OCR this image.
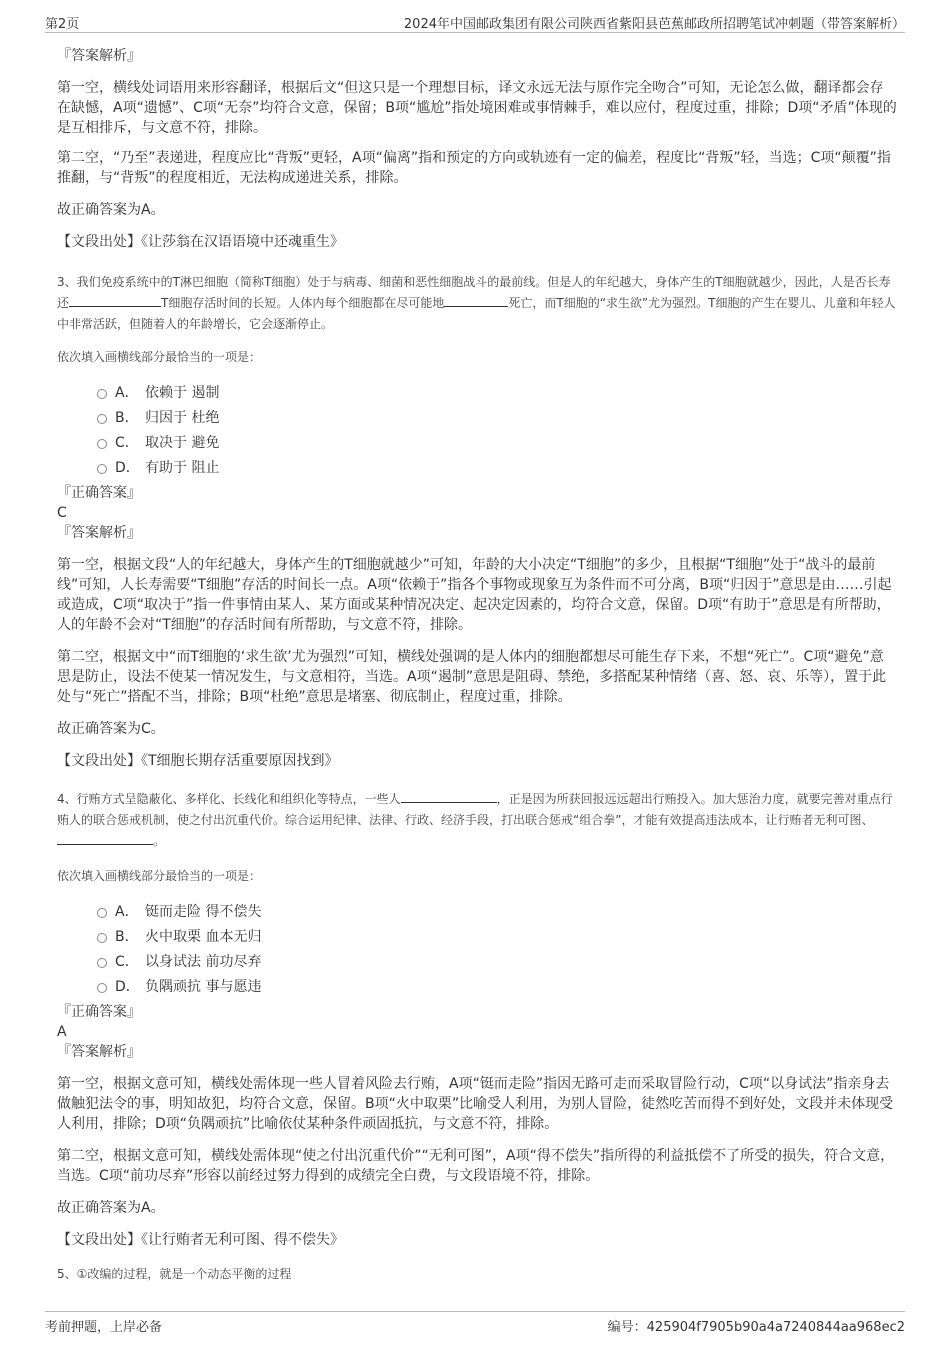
第2页	2024年中国邮政集团有限公司陕西省紫阳县芭蕉邮政所招聘笔试冲刺题（带答案解析）

『答案解析』

第一空，横线处词语用来形容翻译，根据后文“但这只是一个理想目标，译文永远无法与原作完全吻合”可知，无论怎么做，翻译都会存在缺憾，A项“遗憾”、C项“无奈”均符合文意，保留；B项“尴尬”指处境困难或事情棘手，难以应付，程度过重，排除；D项“矛盾”体现的是互相排斥，与文意不符，排除。

第二空，“乃至”表递进，程度应比“背叛”更轻，A项“偏离”指和预定的方向或轨迹有一定的偏差，程度比“背叛”轻，当选；C项“颠覆”指推翻，与“背叛”的程度相近，无法构成递进关系，排除。

故正确答案为A。

【文段出处】《让莎翁在汉语语境中还魂重生》

3、我们免疫系统中的T淋巴细胞（简称T细胞）处于与病毒、细菌和恶性细胞战斗的最前线。但是人的年纪越大，身体产生的T细胞就越少，因此，人是否长寿还	T细胞存活时间的长短。人体内每个细胞都在尽可能地	死亡，而T细胞的“求生欲”尤为强烈。T细胞的产生在婴儿、儿童和年轻人中非常活跃，但随着人的年龄增长，它会逐渐停止。

依次填入画横线部分最恰当的一项是：

A． 依赖于 遏制
B． 归因于 杜绝
C． 取决于 避免
D． 有助于 阻止

『正确答案』

C

『答案解析』

第一空，根据文段“人的年纪越大，身体产生的T细胞就越少”可知，年龄的大小决定“T细胞”的多少，且根据“T细胞”处于“战斗的最前线”可知，人长寿需要“T细胞”存活的时间长一点。A项“依赖于”指各个事物或现象互为条件而不可分离，B项“归因于”意思是由……引起或造成，C项“取决于”指一件事情由某人、某方面或某种情况决定、起决定因素的，均符合文意，保留。D项“有助于”意思是有所帮助，人的年龄不会对“T细胞”的存活时间有所帮助，与文意不符，排除。

第二空，根据文中“而T细胞的‘求生欲’尤为强烈”可知，横线处强调的是人体内的细胞都想尽可能生存下来，不想“死亡”。C项“避免”意思是防止，设法不使某一情况发生，与文意相符，当选。A项“遏制”意思是阻碍、禁绝，多搭配某种情绪（喜、怒、哀、乐等），置于此处与“死亡”搭配不当，排除；B项“杜绝”意思是堵塞、彻底制止，程度过重，排除。

故正确答案为C。

【文段出处】《T细胞长期存活重要原因找到》

4、行贿方式呈隐蔽化、多样化、长线化和组织化等特点，一些人	，正是因为所获回报远远超出行贿投入。加大惩治力度，就要完善对重点行贿人的联合惩戒机制，使之付出沉重代价。综合运用纪律、法律、行政、经济手段，打出联合惩戒“组合拳”，才能有效提高违法成本，让行贿者无利可图、。

依次填入画横线部分最恰当的一项是：

A． 铤而走险 得不偿失
B． 火中取栗 血本无归
C． 以身试法 前功尽弃
D． 负隅顽抗 事与愿违

『正确答案』

A

『答案解析』

第一空，根据文意可知，横线处需体现一些人冒着风险去行贿，A项“铤而走险”指因无路可走而采取冒险行动，C项“以身试法”指亲身去做触犯法令的事，明知故犯，均符合文意，保留。B项“火中取栗”比喻受人利用，为别人冒险，徒然吃苦而得不到好处，文段并未体现受人利用，排除；D项“负隅顽抗”比喻依仗某种条件顽固抵抗，与文意不符，排除。

第二空，根据文意可知，横线处需体现“使之付出沉重代价”“无利可图”，A项“得不偿失”指所得的利益抵偿不了所受的损失，符合文意，当选。C项“前功尽弃”形容以前经过努力得到的成绩完全白费，与文段语境不符，排除。

故正确答案为A。

【文段出处】《让行贿者无利可图、得不偿失》

5、①改编的过程，就是一个动态平衡的过程

考前押题，上岸必备	编号：425904f7905b90a4a7240844aa968ec2
